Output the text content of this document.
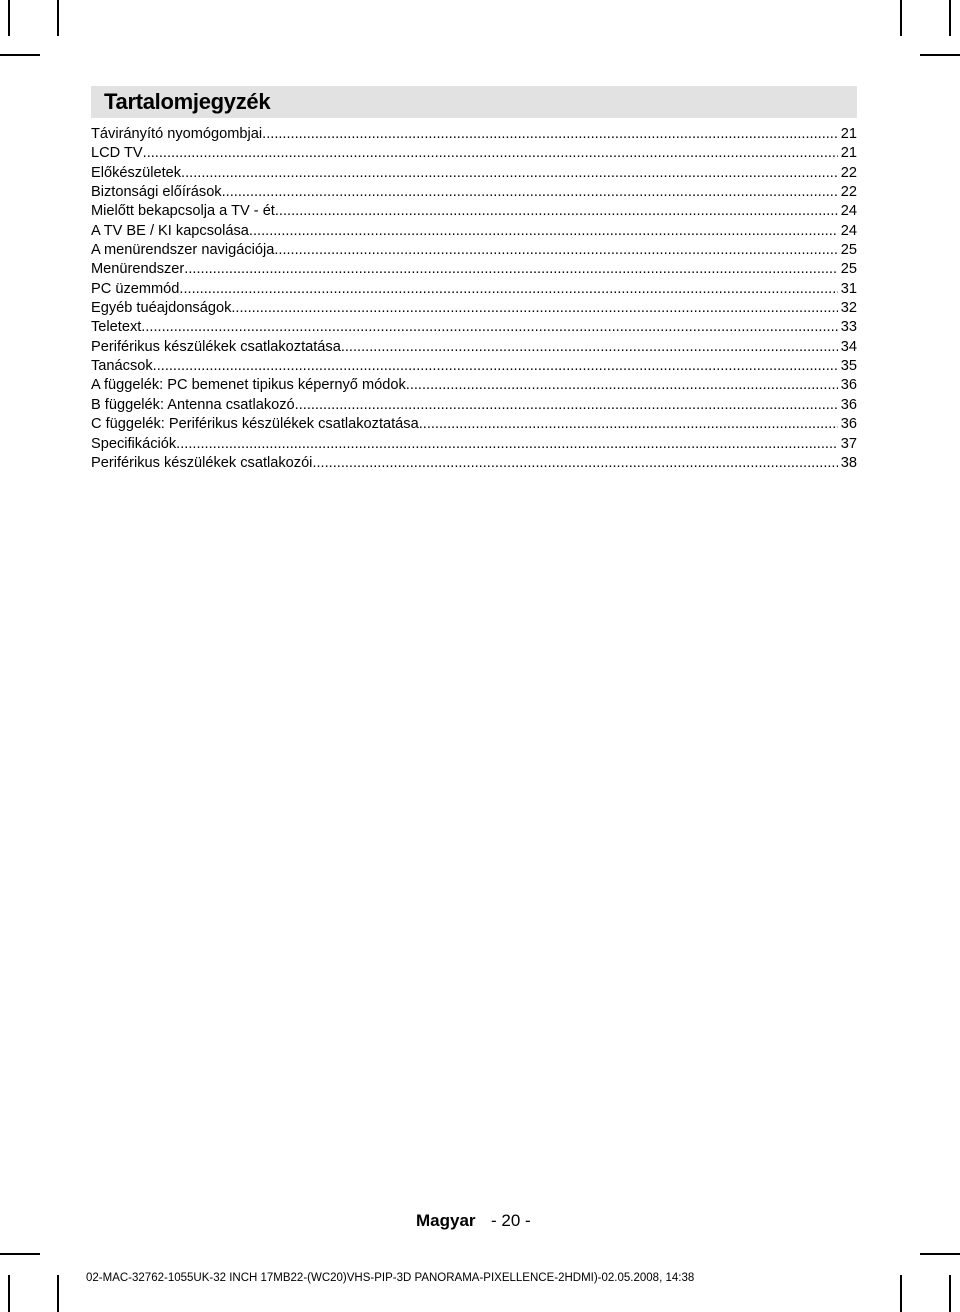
Tartalomjegyzék
Távirányító nyomógombjai .....	21
LCD TV .....	21
Előkészületek .....	22
Biztonsági előírások .....	22
Mielőtt bekapcsolja a TV - ét .....	24
A TV BE / KI kapcsolása .....	24
A menürendszer navigációja .....	25
Menürendszer .....	25
PC üzemmód .....	31
Egyéb tuéajdonságok .....	32
Teletext .....	33
Periférikus készülékek csatlakoztatása .....	34
Tanácsok .....	35
A függelék: PC bemenet tipikus képernyő módok .....	36
B függelék: Antenna csatlakozó .....	36
C függelék: Periférikus készülékek csatlakoztatása .....	36
Specifikációk .....	37
Periférikus készülékek csatlakozói .....	38
Magyar - 20 -
02-MAC-32762-1055UK-32 INCH 17MB22-(WC20)VHS-PIP-3D PANORAMA-PIXELLENCE-2HDMI)-02.05.2008, 14:38
